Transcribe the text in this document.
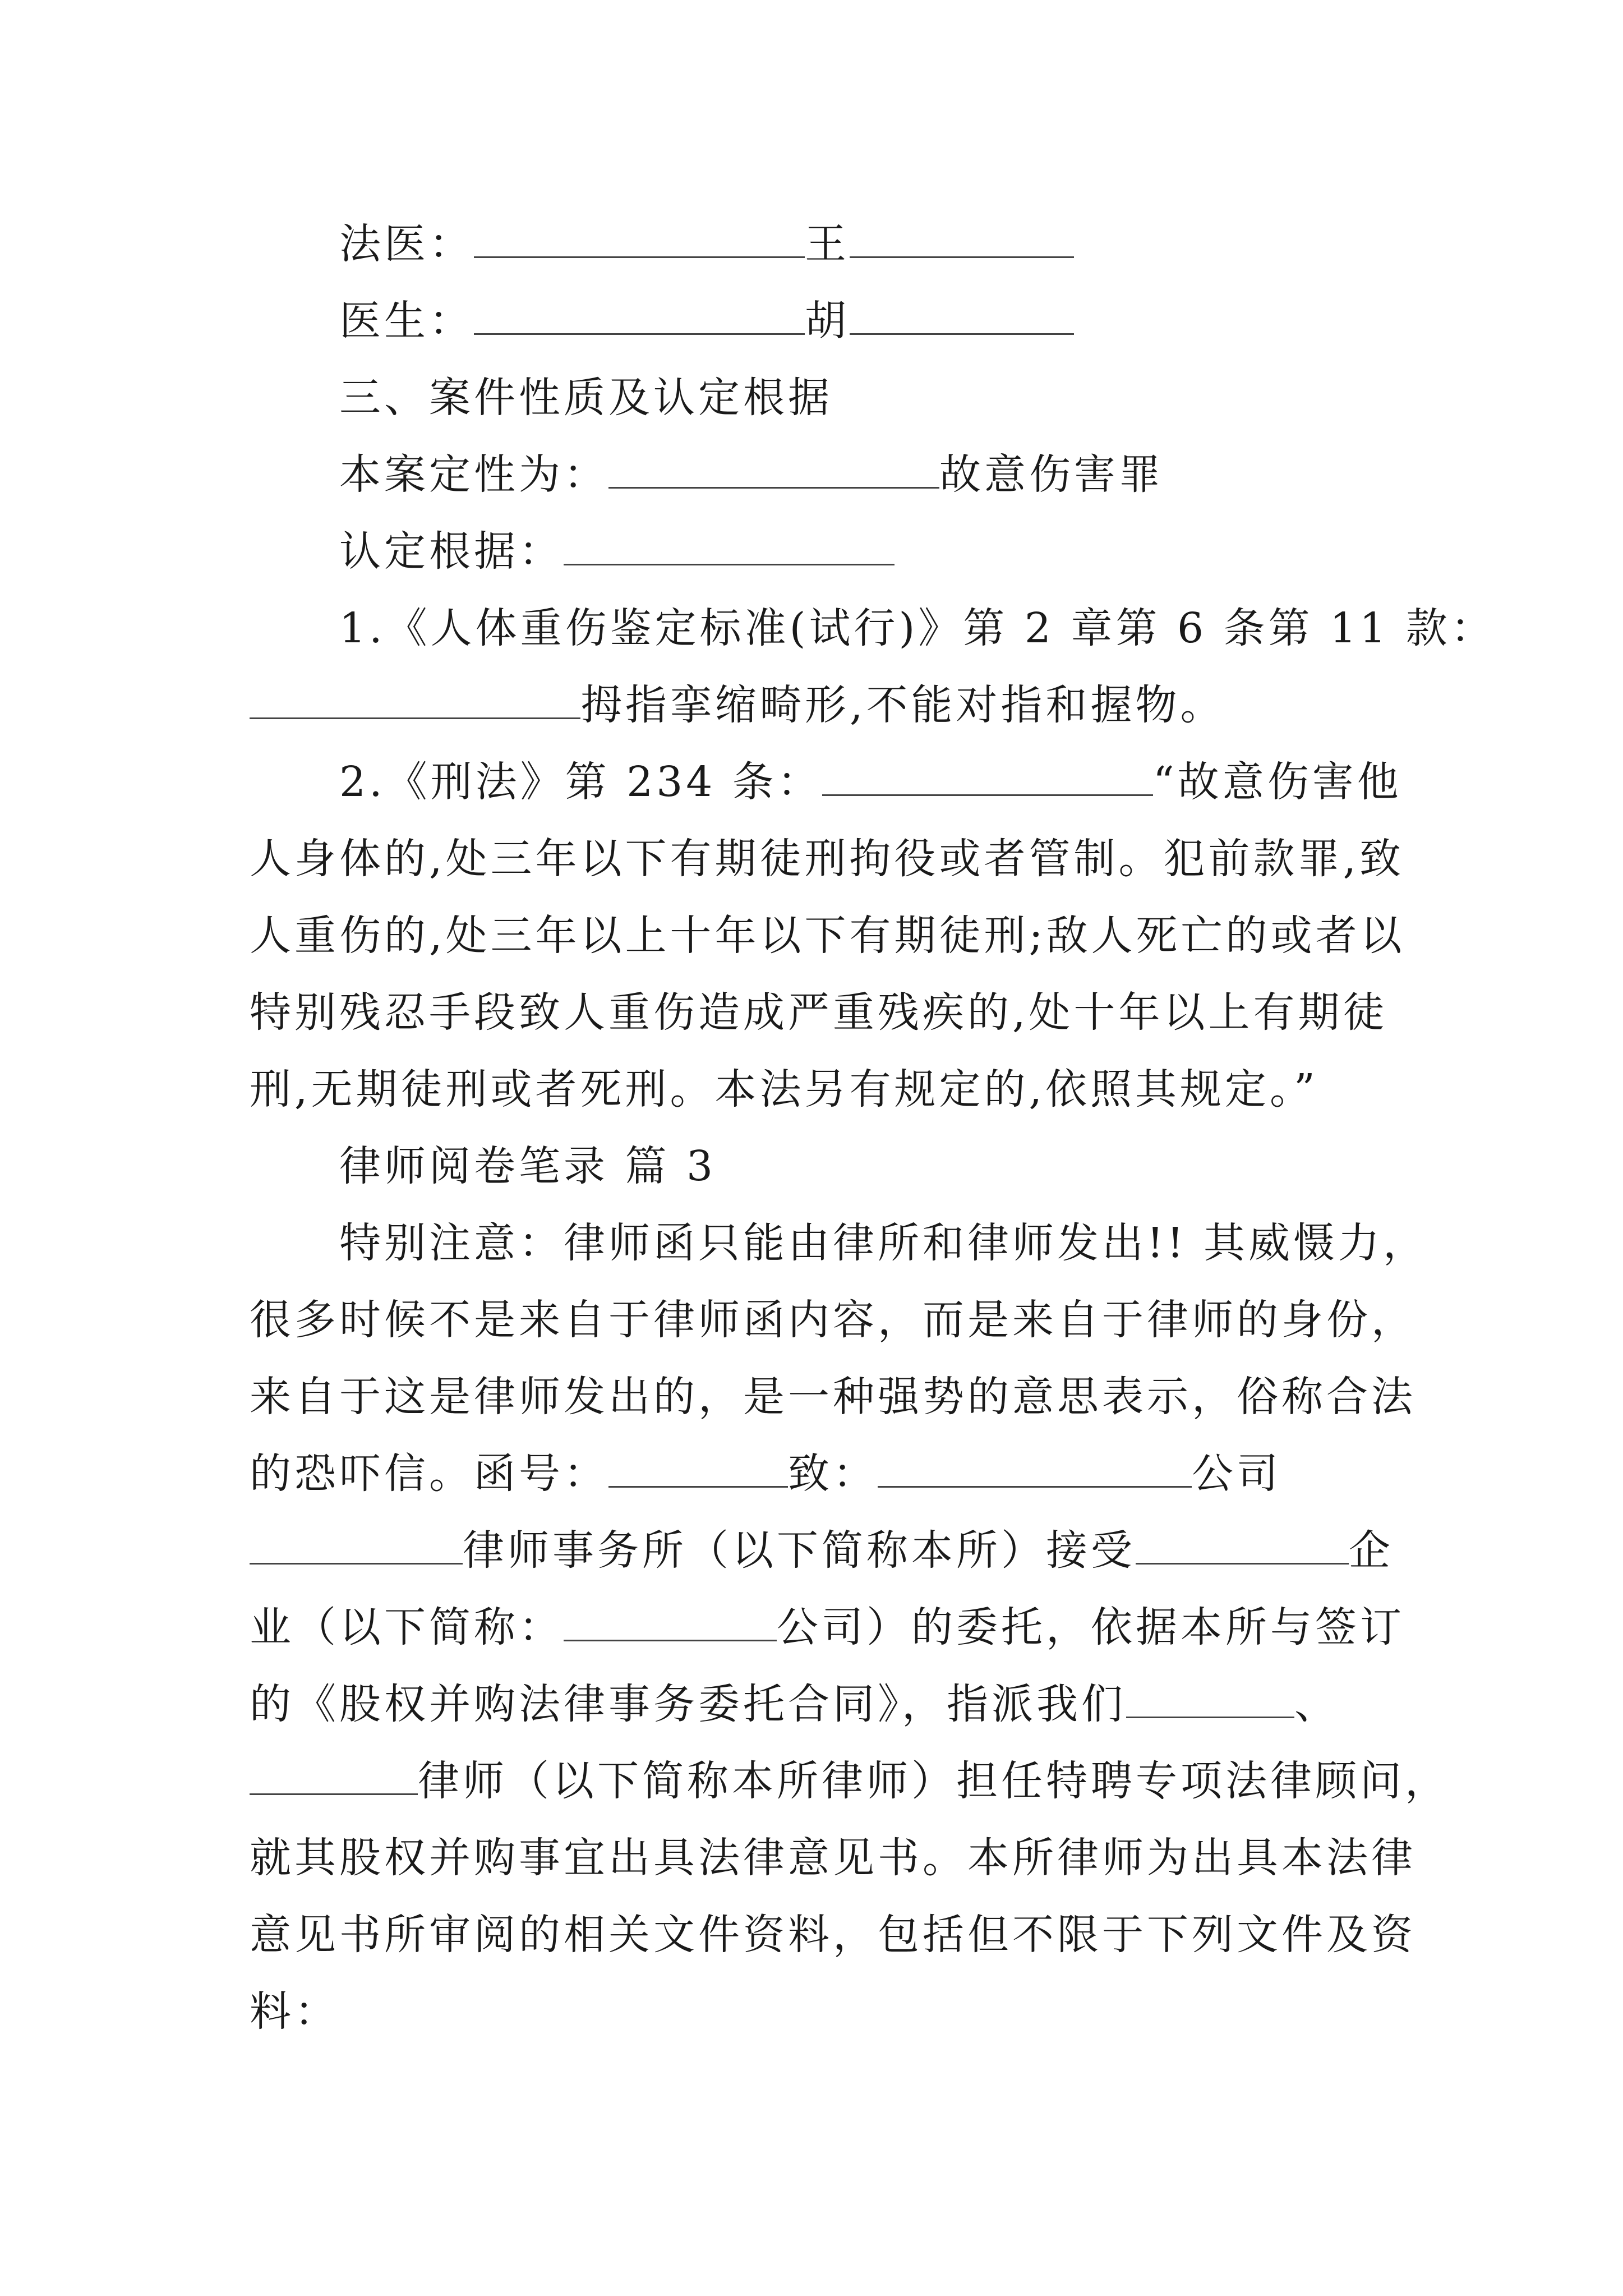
法医：	王
医生：	胡
三、案件性质及认定根据
本案定性为：	故意伤害罪
认定根据：
1.《人体重伤鉴定标准(试行)》第 2 章第 6 条第 11 款：
拇指挛缩畸形,不能对指和握物。
2.《刑法》第 234 条：	“故意伤害他
人身体的,处三年以下有期徒刑拘役或者管制。犯前款罪,致
人重伤的,处三年以上十年以下有期徒刑;敌人死亡的或者以
特别残忍手段致人重伤造成严重残疾的,处十年以上有期徒
刑,无期徒刑或者死刑。本法另有规定的,依照其规定。”
律师阅卷笔录 篇 3
特别注意：律师函只能由律所和律师发出!! 其威慑力，
很多时候不是来自于律师函内容，而是来自于律师的身份，
来自于这是律师发出的，是一种强势的意思表示，俗称合法
的恐吓信。函号：	致：	公司
律师事务所（以下简称本所）接受	企
业（以下简称：	公司）的委托，依据本所与签订
的《股权并购法律事务委托合同》，指派我们	、
律师（以下简称本所律师）担任特聘专项法律顾问，
就其股权并购事宜出具法律意见书。本所律师为出具本法律
意见书所审阅的相关文件资料，包括但不限于下列文件及资
料：
